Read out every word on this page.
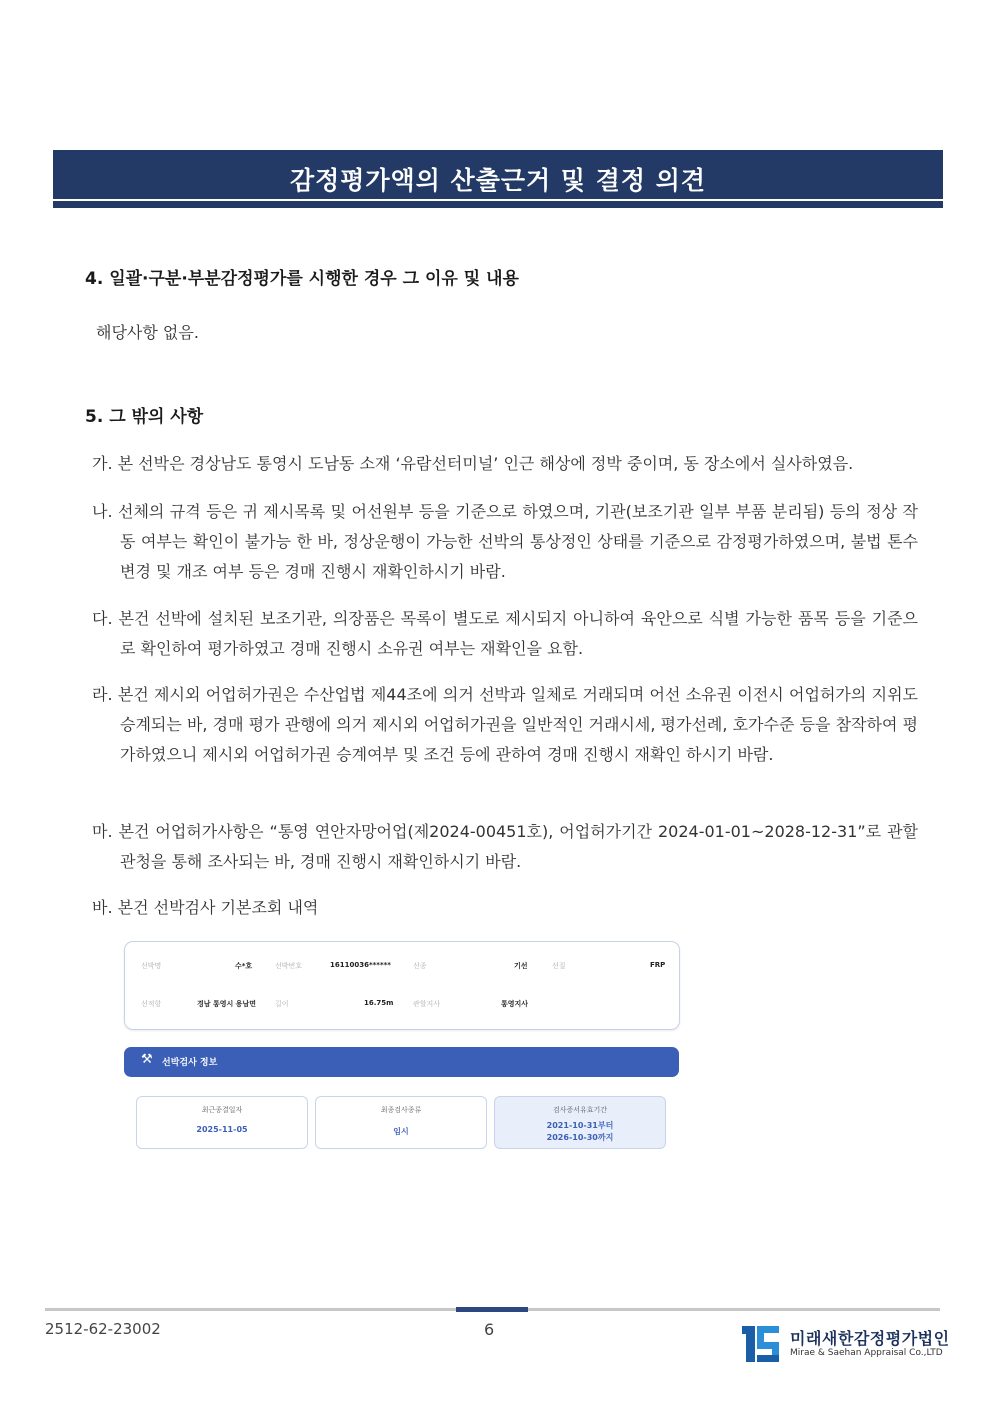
감정평가액의 산출근거 및 결정 의견
4. 일괄·구분·부분감정평가를 시행한 경우 그 이유 및 내용
해당사항 없음.
5. 그 밖의 사항
가. 본 선박은 경상남도 통영시 도남동 소재 ‘유람선터미널’ 인근 해상에 정박 중이며, 동 장소에서 실사하였음.
나. 선체의 규격 등은 귀 제시목록 및 어선원부 등을 기준으로 하였으며, 기관(보조기관 일부 부품 분리됨) 등의 정상 작동 여부는 확인이 불가능 한 바, 정상운행이 가능한 선박의 통상정인 상태를 기준으로 감정평가하였으며, 불법 톤수 변경 및 개조 여부 등은 경매 진행시 재확인하시기 바람.
다. 본건 선박에 설치된 보조기관, 의장품은 목록이 별도로 제시되지 아니하여 육안으로 식별 가능한 품목 등을 기준으로 확인하여 평가하였고 경매 진행시 소유권 여부는 재확인을 요함.
라. 본건 제시외 어업허가권은 수산업법 제44조에 의거 선박과 일체로 거래되며 어선 소유권 이전시 어업허가의 지위도 승계되는 바, 경매 평가 관행에 의거 제시외 어업허가권을 일반적인 거래시세, 평가선례, 호가수준 등을 참작하여 평가하였으니 제시외 어업허가권 승계여부 및 조건 등에 관하여 경매 진행시 재확인 하시기 바람.
마. 본건 어업허가사항은 “통영 연안자망어업(제2024-00451호), 어업허가기간 2024-01-01~2028-12-31”로 관할 관청을 통해 조사되는 바, 경매 진행시 재확인하시기 바람.
바. 본건 선박검사 기본조회 내역
선박명	수*호	선박번호	16110036******	선종	기선	선질	FRP
선적항	경남 통영시 용남면	길이	16.75m	관할지사	통영지사
⚒ 선박검사 정보
최근종결일자
2025-11-05
최종검사종류
임시
검사증서유효기간
2021-10-31부터
2026-10-30까지
2512-62-23002	6	미래새한감정평가법인
Mirae & Saehan Appraisal Co.,LTD
